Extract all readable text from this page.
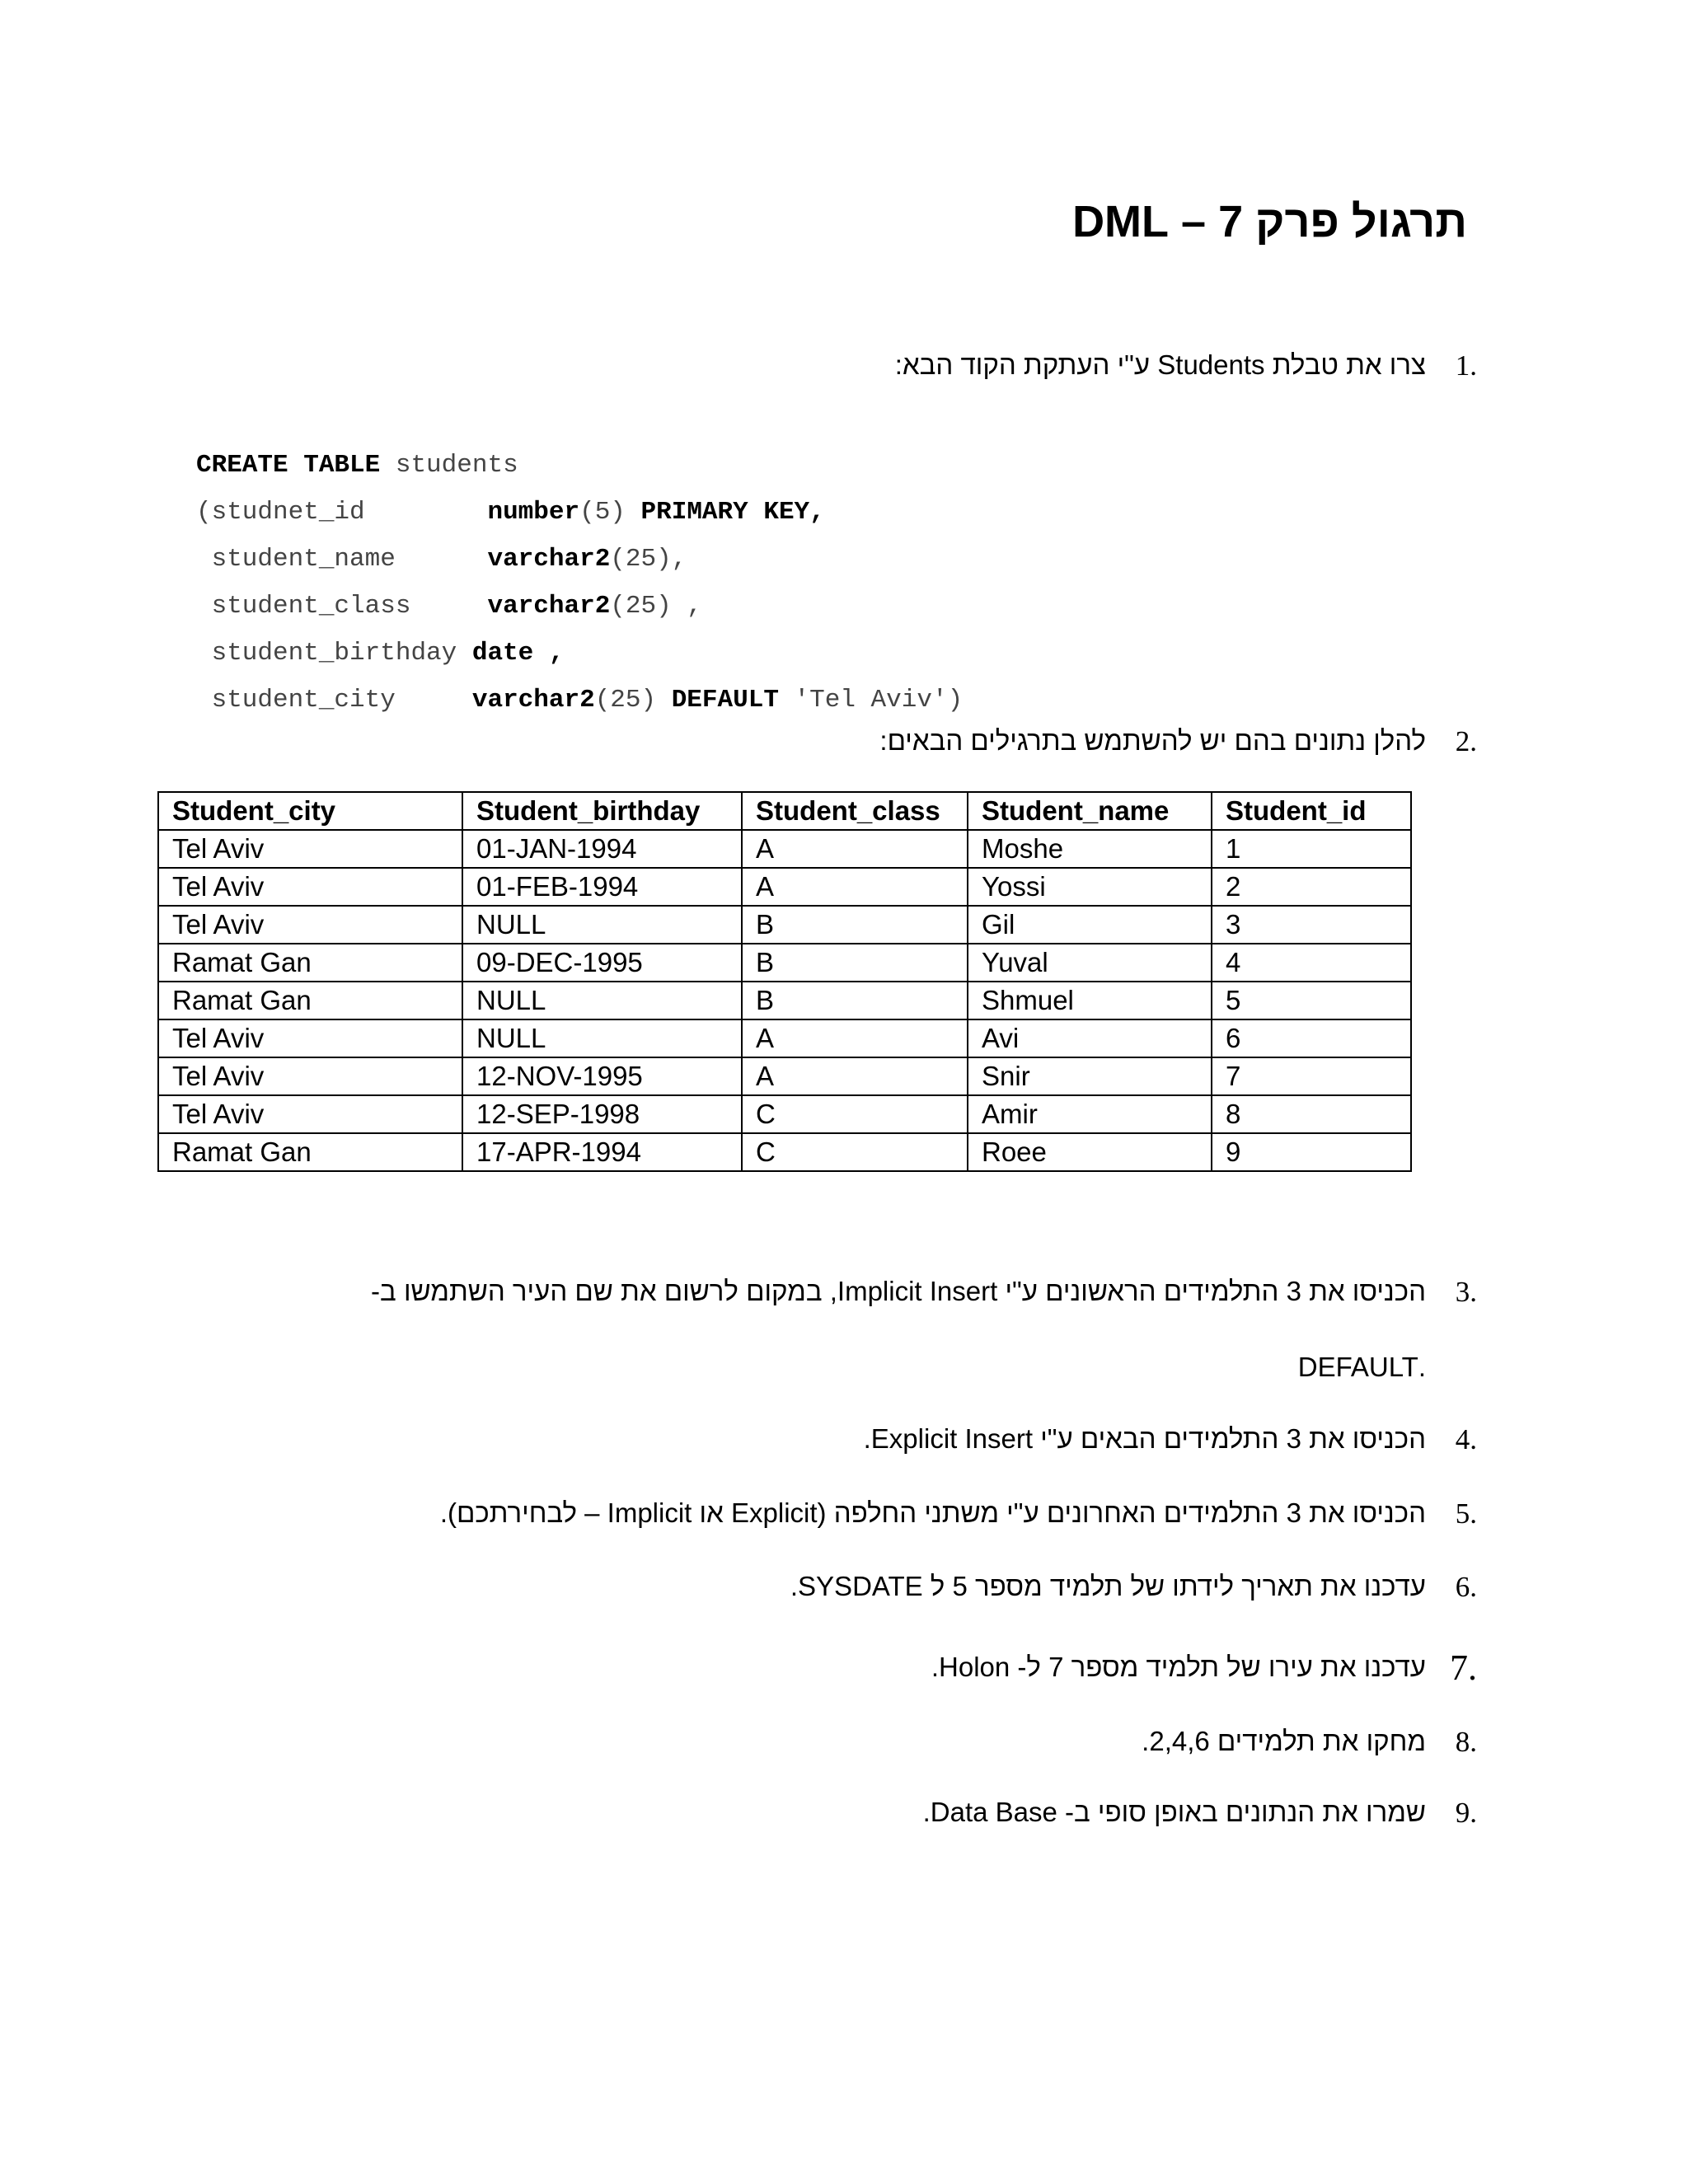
תרגול פרק 7 – DML
1.
צרו את טבלת Students ע"י העתקת הקוד הבא:
CREATE TABLE students
(studnet_id        number(5) PRIMARY KEY,
student_name      varchar2(25),
student_class     varchar2(25) ,
student_birthday date ,
student_city     varchar2(25) DEFAULT 'Tel Aviv')
2.
להלן נתונים בהם יש להשתמש בתרגילים הבאים:
Student_city	Student_birthday	Student_class	Student_name	Student_id
Tel Aviv	01-JAN-1994	A	Moshe	1
Tel Aviv	01-FEB-1994	A	Yossi	2
Tel Aviv	NULL	B	Gil	3
Ramat Gan	09-DEC-1995	B	Yuval	4
Ramat Gan	NULL	B	Shmuel	5
Tel Aviv	NULL	A	Avi	6
Tel Aviv	12-NOV-1995	A	Snir	7
Tel Aviv	12-SEP-1998	C	Amir	8
Ramat Gan	17-APR-1994	C	Roee	9
3.
הכניסו את 3 התלמידים הראשונים ע"י Implicit Insert, במקום לרשום את שם העיר השתמשו ב-
.DEFAULT
4.
הכניסו את 3 התלמידים הבאים ע"י Explicit Insert.
5.
הכניסו את 3 התלמידים האחרונים ע"י משתני החלפה (Explicit או Implicit – לבחירתכם).
6.
עדכנו את תאריך לידתו של תלמיד מספר 5 ל SYSDATE.
7.
עדכנו את עירו של תלמיד מספר 7 ל- Holon.
8.
מחקו את תלמידים 2,4,6.
9.
שמרו את הנתונים באופן סופי ב- Data Base.
